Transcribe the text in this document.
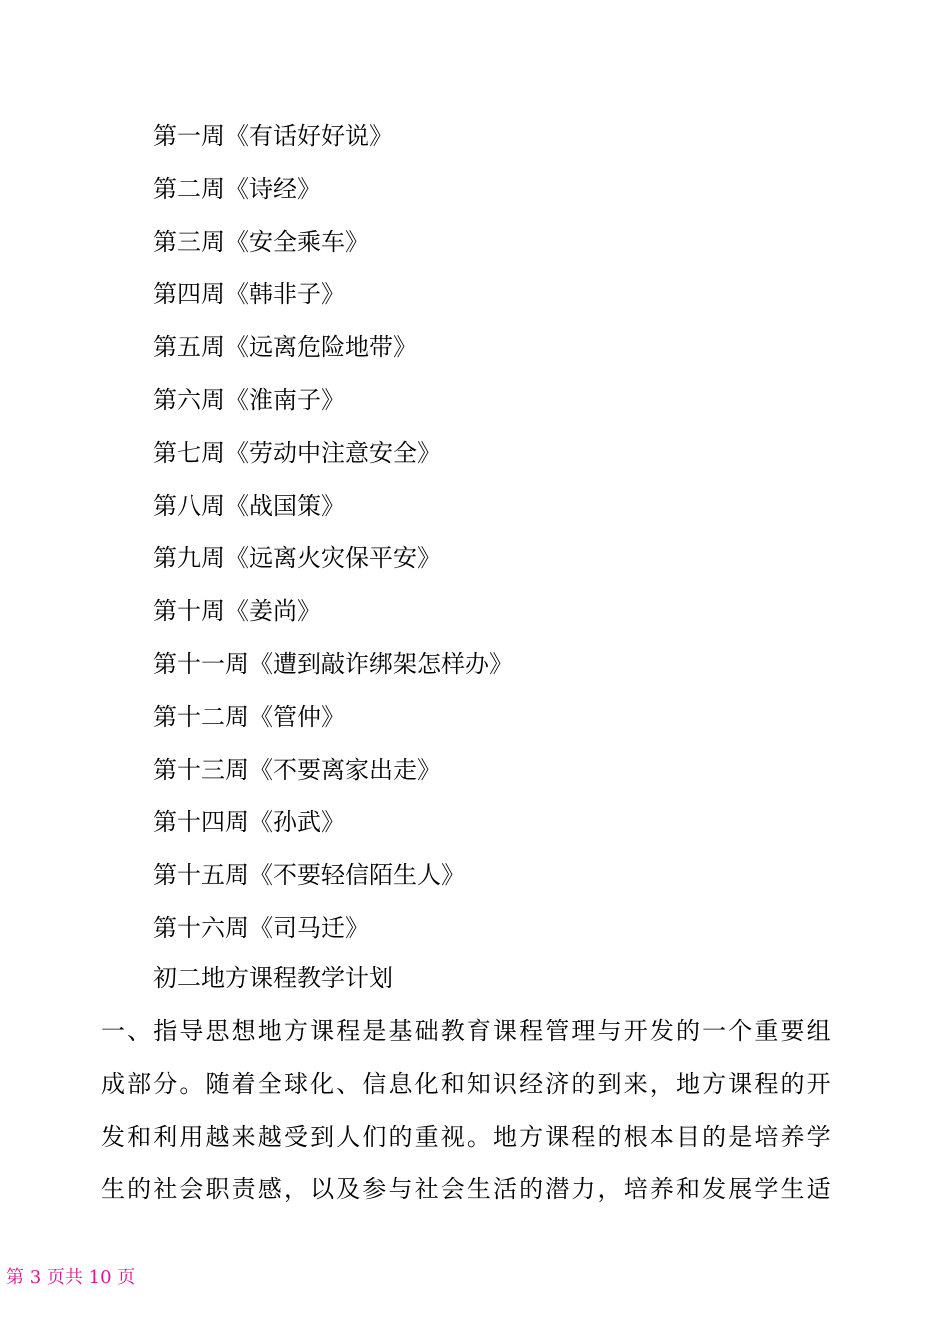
第一周《有话好好说》
第二周《诗经》
第三周《安全乘车》
第四周《韩非子》
第五周《远离危险地带》
第六周《淮南子》
第七周《劳动中注意安全》
第八周《战国策》
第九周《远离火灾保平安》
第十周《姜尚》
第十一周《遭到敲诈绑架怎样办》
第十二周《管仲》
第十三周《不要离家出走》
第十四周《孙武》
第十五周《不要轻信陌生人》
第十六周《司马迁》
初二地方课程教学计划

一、指导思想地方课程是基础教育课程管理与开发的一个重要组
成部分。随着全球化、信息化和知识经济的到来，地方课程的开
发和利用越来越受到人们的重视。地方课程的根本目的是培养学
生的社会职责感，以及参与社会生活的潜力，培养和发展学生适

第 3 页共 10 页
